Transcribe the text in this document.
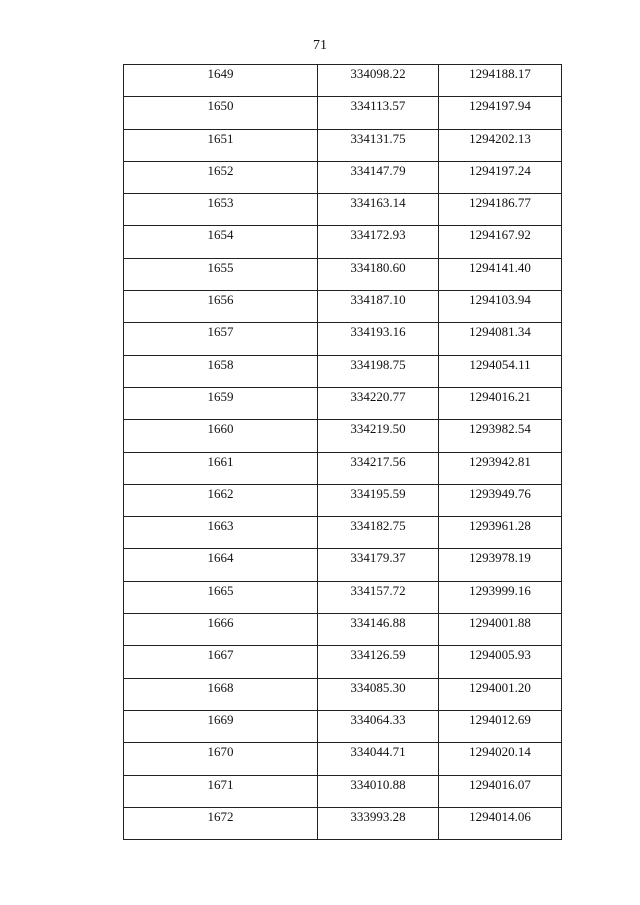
71
1649	334098.22	1294188.17
1650	334113.57	1294197.94
1651	334131.75	1294202.13
1652	334147.79	1294197.24
1653	334163.14	1294186.77
1654	334172.93	1294167.92
1655	334180.60	1294141.40
1656	334187.10	1294103.94
1657	334193.16	1294081.34
1658	334198.75	1294054.11
1659	334220.77	1294016.21
1660	334219.50	1293982.54
1661	334217.56	1293942.81
1662	334195.59	1293949.76
1663	334182.75	1293961.28
1664	334179.37	1293978.19
1665	334157.72	1293999.16
1666	334146.88	1294001.88
1667	334126.59	1294005.93
1668	334085.30	1294001.20
1669	334064.33	1294012.69
1670	334044.71	1294020.14
1671	334010.88	1294016.07
1672	333993.28	1294014.06
